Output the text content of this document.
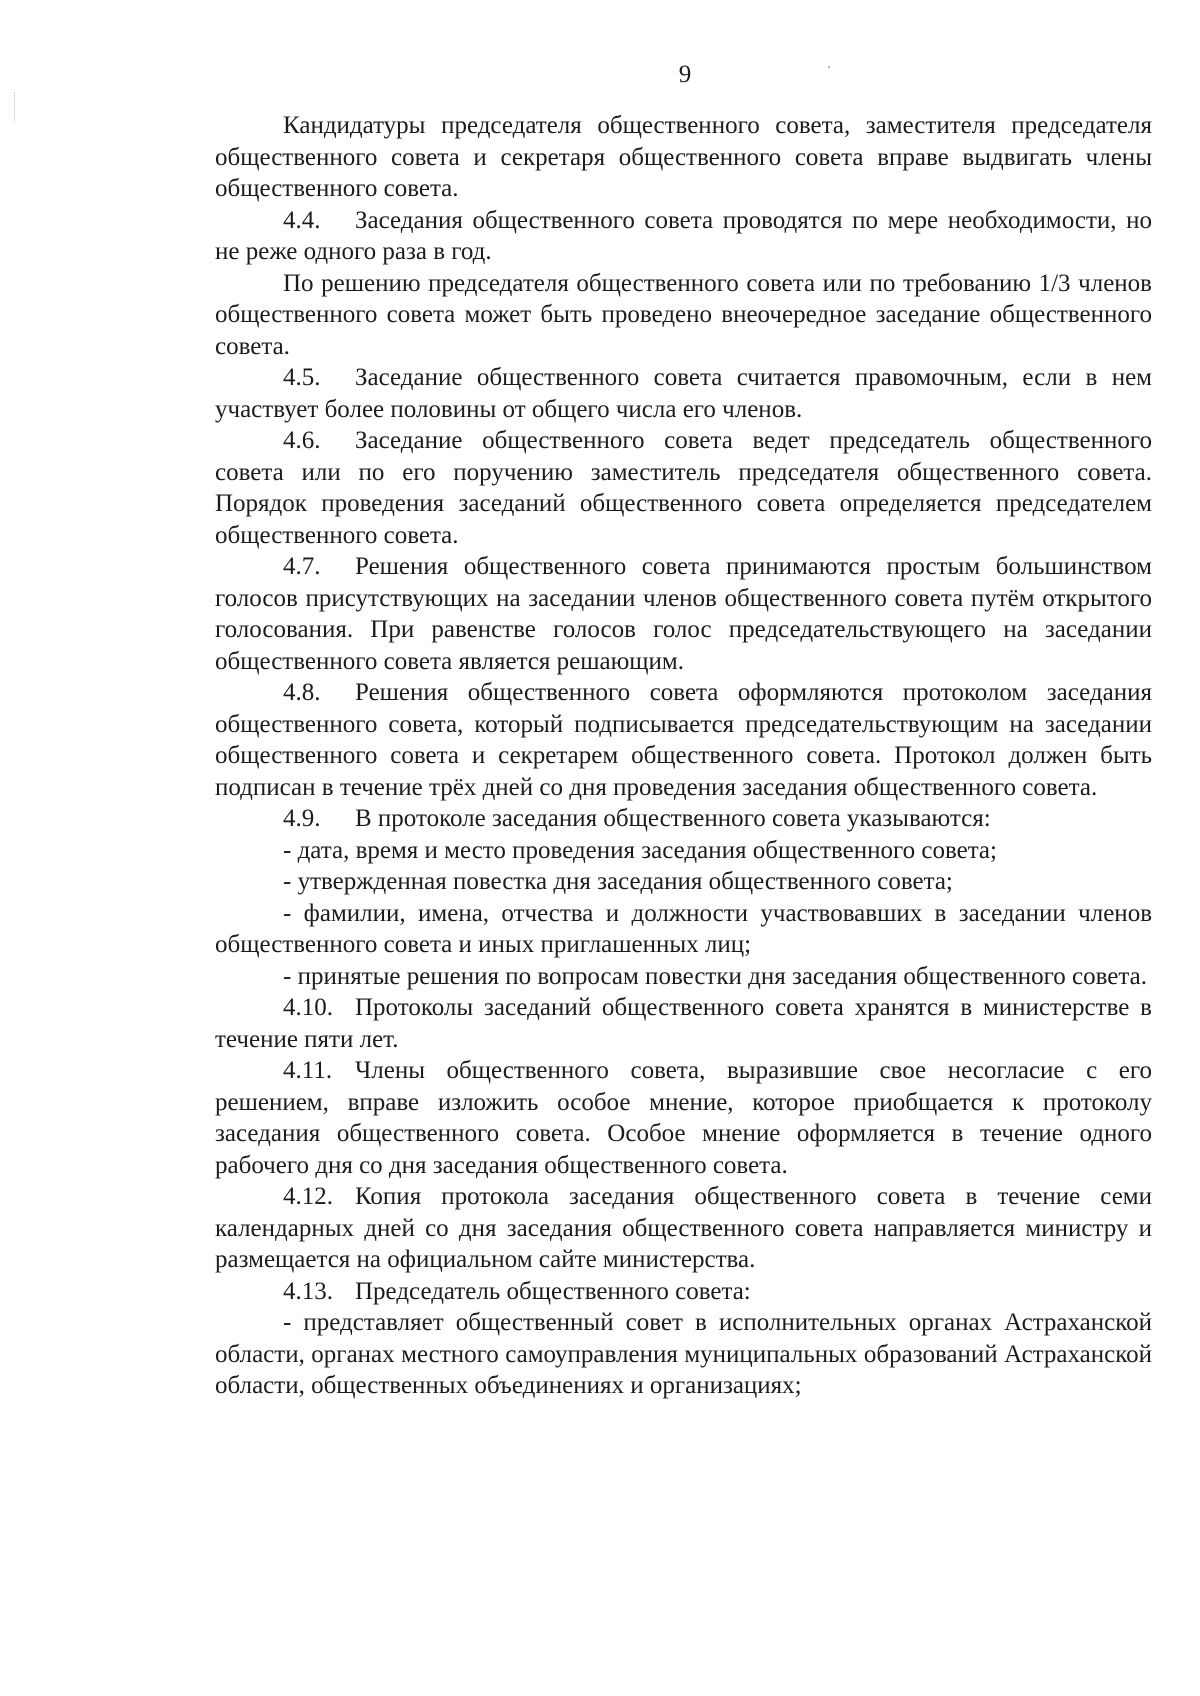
9

Кандидатуры председателя общественного совета, заместителя председателя общественного совета и секретаря общественного совета вправе выдвигать члены общественного совета.

4.4. Заседания общественного совета проводятся по мере необходимости, но не реже одного раза в год.

По решению председателя общественного совета или по требованию 1/3 членов общественного совета может быть проведено внеочередное заседание общественного совета.

4.5. Заседание общественного совета считается правомочным, если в нем участвует более половины от общего числа его членов.

4.6. Заседание общественного совета ведет председатель общественного совета или по его поручению заместитель председателя общественного совета. Порядок проведения заседаний общественного совета определяется председателем общественного совета.

4.7. Решения общественного совета принимаются простым большинством голосов присутствующих на заседании членов общественного совета путём открытого голосования. При равенстве голосов голос председательствующего на заседании общественного совета является решающим.

4.8. Решения общественного совета оформляются протоколом заседания общественного совета, который подписывается председательствующим на заседании общественного совета и секретарем общественного совета. Протокол должен быть подписан в течение трёх дней со дня проведения заседания общественного совета.

4.9. В протоколе заседания общественного совета указываются:

- дата, время и место проведения заседания общественного совета;

- утвержденная повестка дня заседания общественного совета;

- фамилии, имена, отчества и должности участвовавших в заседании членов общественного совета и иных приглашенных лиц;

- принятые решения по вопросам повестки дня заседания общественного совета.

4.10. Протоколы заседаний общественного совета хранятся в министерстве в течение пяти лет.

4.11. Члены общественного совета, выразившие свое несогласие с его решением, вправе изложить особое мнение, которое приобщается к протоколу заседания общественного совета. Особое мнение оформляется в течение одного рабочего дня со дня заседания общественного совета.

4.12. Копия протокола заседания общественного совета в течение семи календарных дней со дня заседания общественного совета направляется министру и размещается на официальном сайте министерства.

4.13. Председатель общественного совета:

- представляет общественный совет в исполнительных органах Астраханской области, органах местного самоуправления муниципальных образований Астраханской области, общественных объединениях и организациях;
